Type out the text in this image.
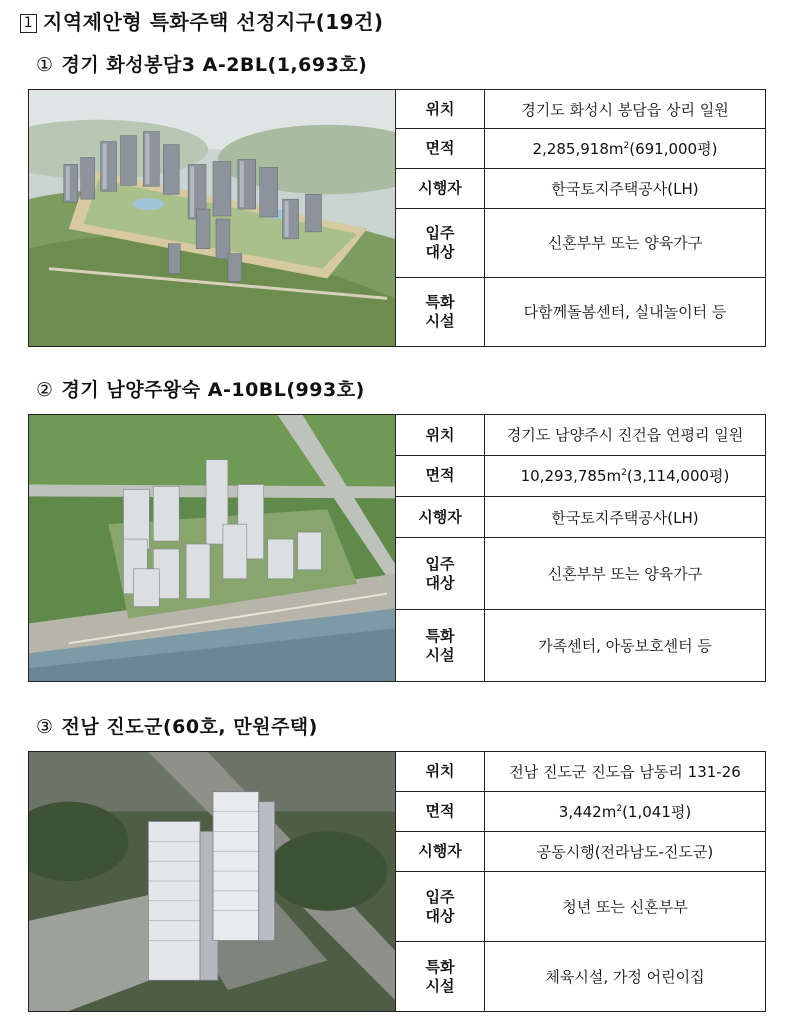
1 지역제안형 특화주택 선정지구(19건)
① 경기 화성봉담3 A-2BL(1,693호)
위치	경기도 화성시 봉담읍 상리 일원
면적	$2,285,918m^2(691,000$평)
시행자	한국토지주택공사(LH)
입주
대상	신혼부부 또는 양육가구
특화
시설	다함께돌봄센터, 실내놀이터 등
② 경기 남양주왕숙 A-10BL(993호)
위치	경기도 남양주시 진건읍 연평리 일원
면적	$10,293,785m^2(3,114,000$평)
시행자	한국토지주택공사(LH)
입주
대상	신혼부부 또는 양육가구
특화
시설	가족센터, 아동보호센터 등
③ 전남 진도군(60호, 만원주택)
위치	전남 진도군 진도읍 남동리 131-26
면적	$3,442m^2(1,041$평)
시행자	공동시행(전라남도-진도군)
입주
대상	청년 또는 신혼부부
특화
시설	체육시설, 가정 어린이집
